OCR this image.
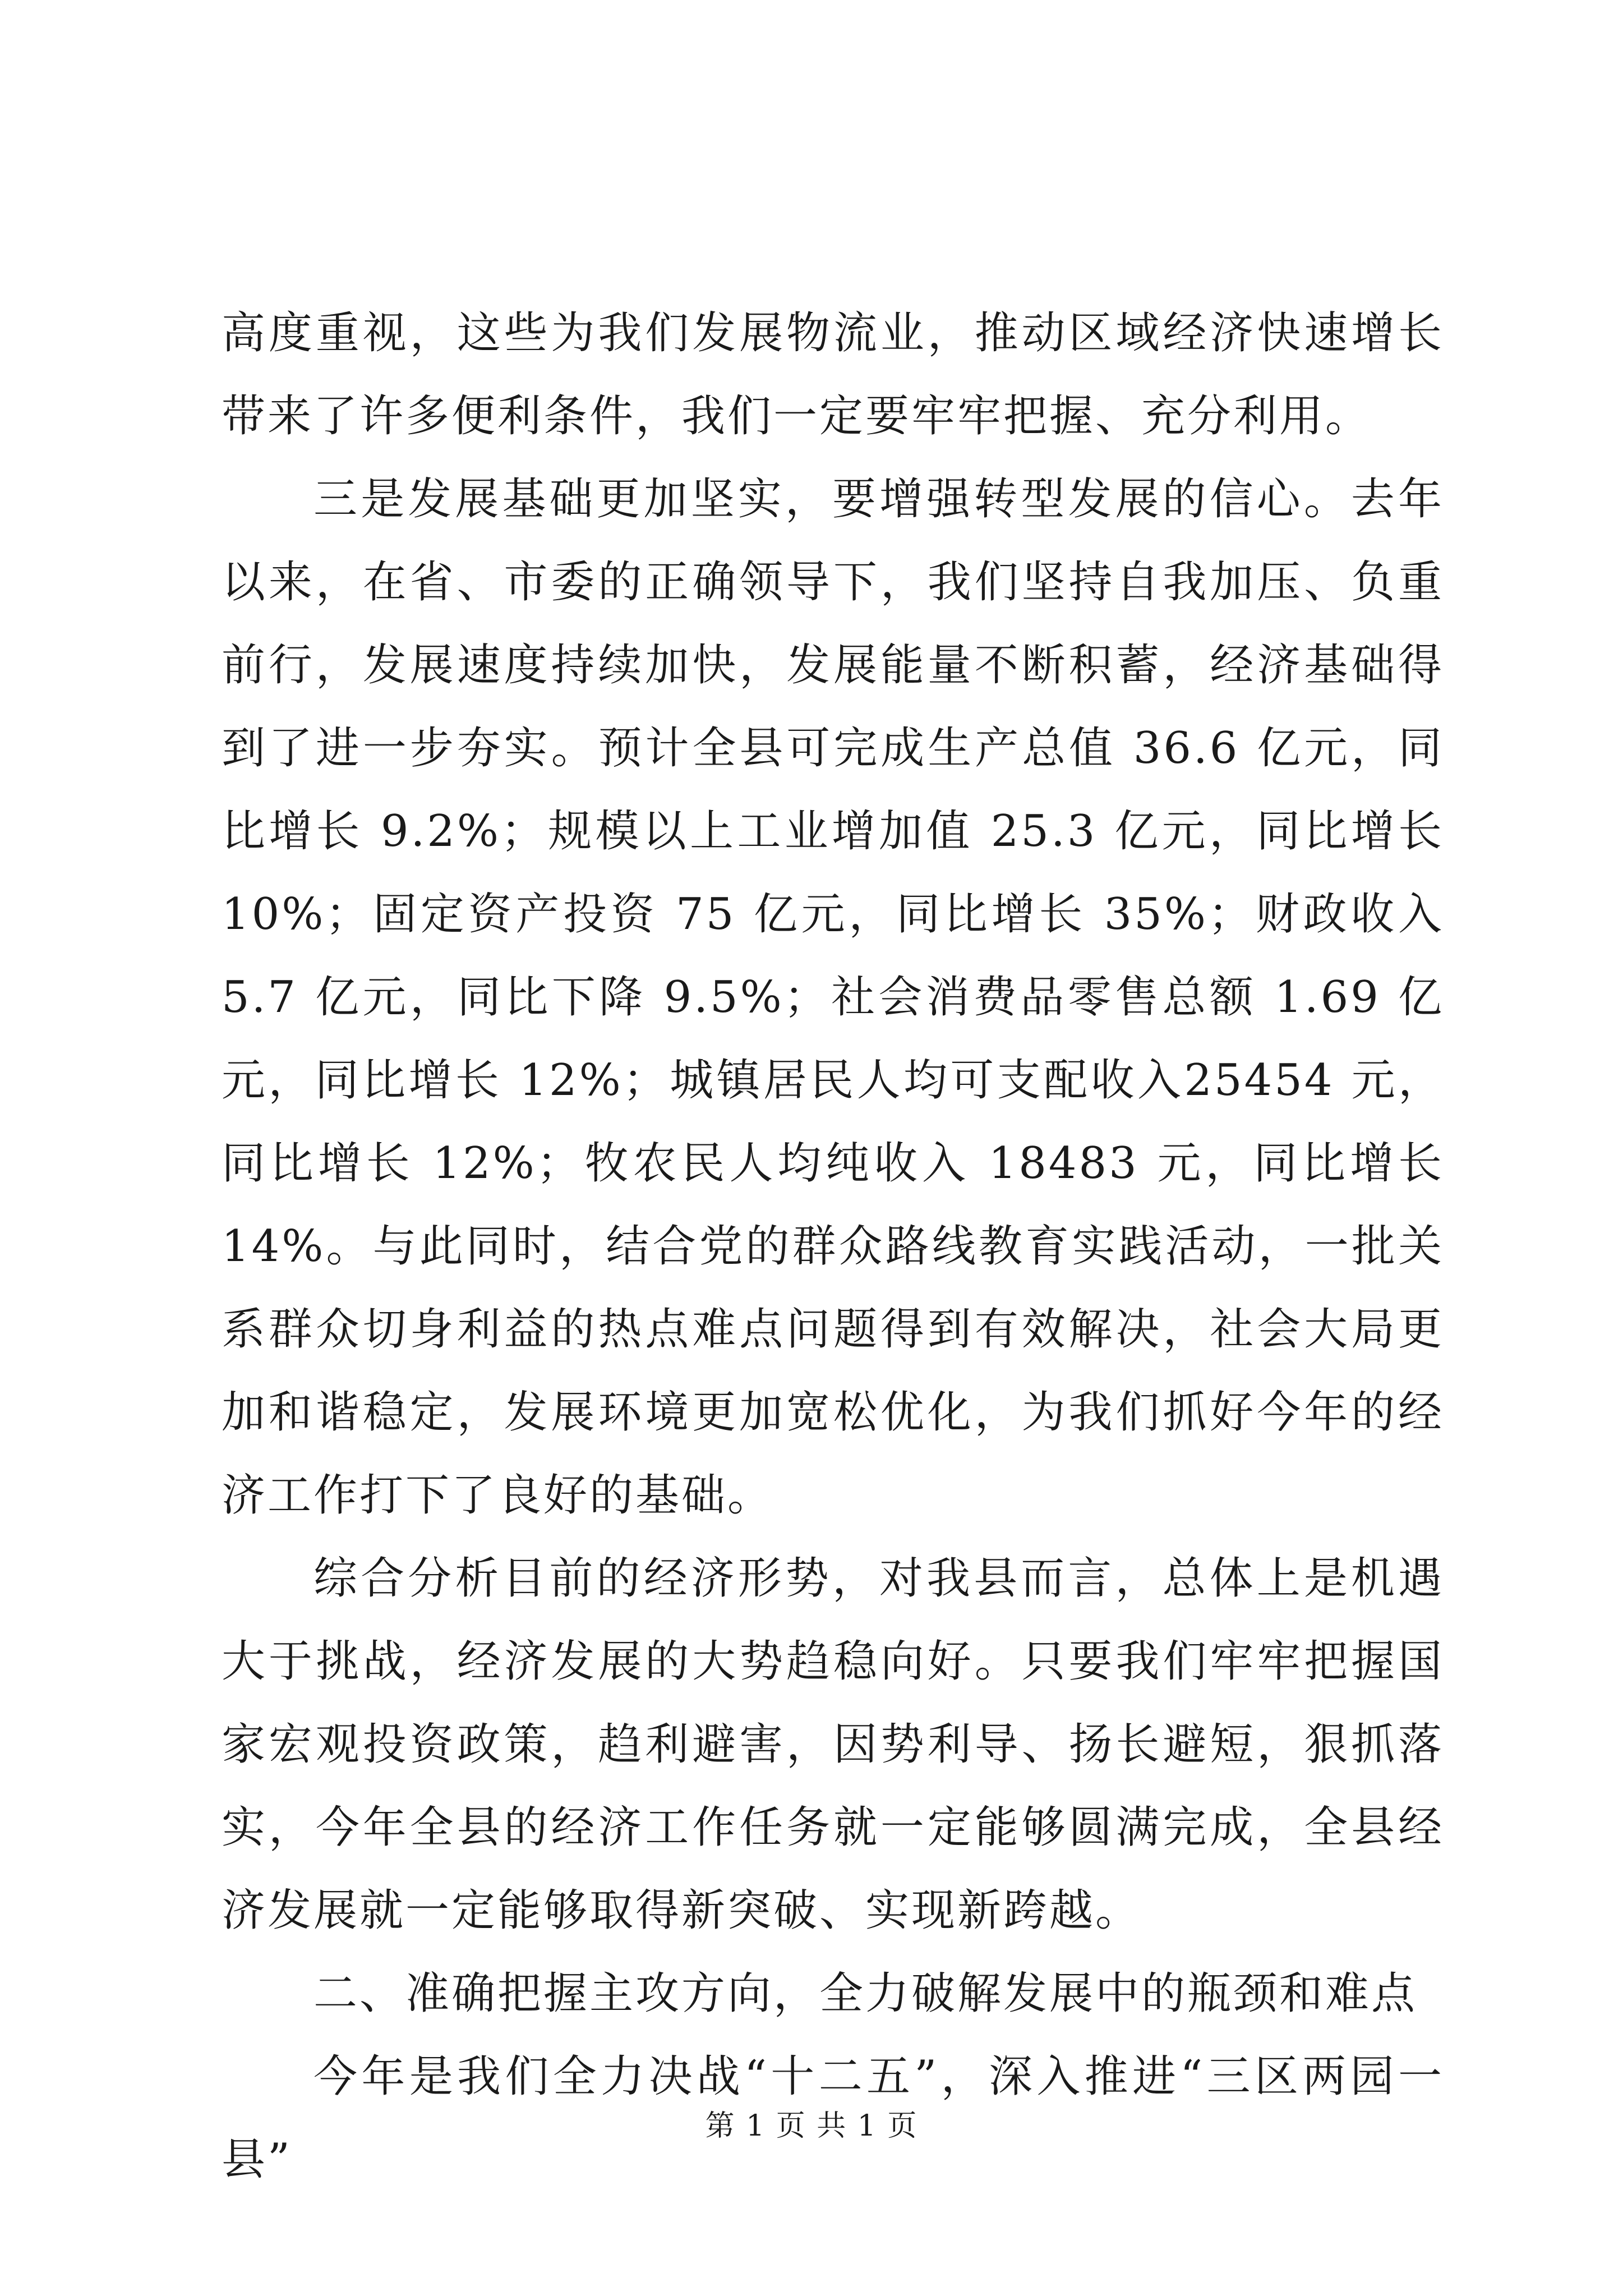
高度重视，这些为我们发展物流业，推动区域经济快速增长带来了许多便利条件，我们一定要牢牢把握、充分利用。

三是发展基础更加坚实，要增强转型发展的信心。去年以来，在省、市委的正确领导下，我们坚持自我加压、负重前行，发展速度持续加快，发展能量不断积蓄，经济基础得到了进一步夯实。预计全县可完成生产总值 36.6 亿元，同比增长 9.2%；规模以上工业增加值 25.3 亿元，同比增长 10%；固定资产投资 75 亿元，同比增长 35%；财政收入 5.7 亿元，同比下降 9.5%；社会消费品零售总额 1.69 亿元，同比增长 12%；城镇居民人均可支配收入25454 元，同比增长 12%；牧农民人均纯收入 18483 元，同比增长 14%。与此同时，结合党的群众路线教育实践活动，一批关系群众切身利益的热点难点问题得到有效解决，社会大局更加和谐稳定，发展环境更加宽松优化，为我们抓好今年的经济工作打下了良好的基础。

综合分析目前的经济形势，对我县而言，总体上是机遇大于挑战，经济发展的大势趋稳向好。只要我们牢牢把握国家宏观投资政策，趋利避害，因势利导、扬长避短，狠抓落实，今年全县的经济工作任务就一定能够圆满完成，全县经济发展就一定能够取得新突破、实现新跨越。

二、准确把握主攻方向，全力破解发展中的瓶颈和难点

今年是我们全力决战“十二五”，深入推进“三区两园一县”

第 1 页 共 1 页
